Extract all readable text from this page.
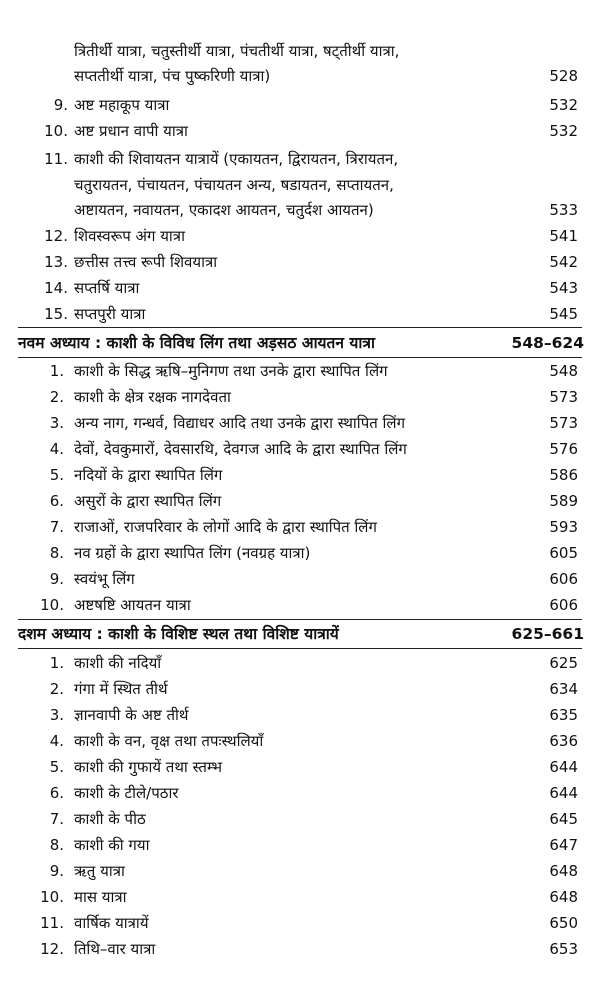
त्रितीर्थी यात्रा, चतुस्तीर्थी यात्रा, पंचतीर्थी यात्रा, षट्‌तीर्थी यात्रा,
सप्ततीर्थी यात्रा, पंच पुष्करिणी यात्रा)	528
9. अष्ट महाकूप यात्रा	532
10. अष्ट प्रधान वापी यात्रा	532
11. काशी की शिवायतन यात्रायें (एकायतन, द्विरायतन, त्रिरायतन,
चतुरायतन, पंचायतन, पंचायतन अन्य, षडायतन, सप्तायतन,
अष्टायतन, नवायतन, एकादश आयतन, चतुर्दश आयतन)	533
12. शिवस्वरूप अंग यात्रा	541
13. छत्तीस तत्त्व रूपी शिवयात्रा	542
14. सप्तर्षि यात्रा	543
15. सप्तपुरी यात्रा	545
नवम अध्याय : काशी के विविध लिंग तथा अड़सठ आयतन यात्रा	548–624
1. काशी के सिद्ध ऋषि–मुनिगण तथा उनके द्वारा स्थापित लिंग	548
2. काशी के क्षेत्र रक्षक नागदेवता	573
3. अन्य नाग, गन्धर्व, विद्याधर आदि तथा उनके द्वारा स्थापित लिंग	573
4. देवों, देवकुमारों, देवसारथि, देवगज आदि के द्वारा स्थापित लिंग	576
5. नदियों के द्वारा स्थापित लिंग	586
6. असुरों के द्वारा स्थापित लिंग	589
7. राजाओं, राजपरिवार के लोगों आदि के द्वारा स्थापित लिंग	593
8. नव ग्रहों के द्वारा स्थापित लिंग (नवग्रह यात्रा)	605
9. स्वयंभू लिंग	606
10. अष्टषष्टि आयतन यात्रा	606
दशम अध्याय : काशी के विशिष्ट स्थल तथा विशिष्ट यात्रायें	625–661
1. काशी की नदियाँ	625
2. गंगा में स्थित तीर्थ	634
3. ज्ञानवापी के अष्ट तीर्थ	635
4. काशी के वन, वृक्ष तथा तपःस्थलियाँ	636
5. काशी की गुफायें तथा स्तम्भ	644
6. काशी के टीले/पठार	644
7. काशी के पीठ	645
8. काशी की गया	647
9. ऋतु यात्रा	648
10. मास यात्रा	648
11. वार्षिक यात्रायें	650
12. तिथि–वार यात्रा	653
